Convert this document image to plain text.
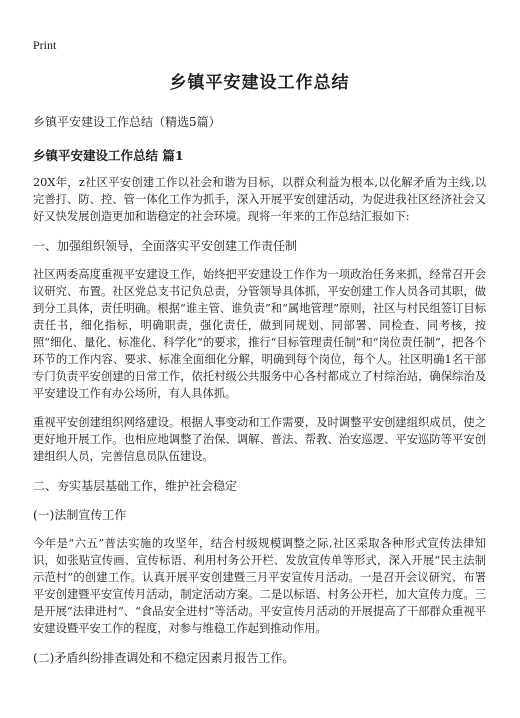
Print
乡镇平安建设工作总结
乡镇平安建设工作总结（精选5篇）
乡镇平安建设工作总结 篇1

20X年，z社区平安创建工作以社会和谐为目标，以群众利益为根本,以化解矛盾为主线,以完善打、防、控、管一体化工作为抓手，深入开展平安创建活动，为促进我社区经济社会又好又快发展创造更加和谐稳定的社会环境。现将一年来的工作总结汇报如下:

一、加强组织领导，全面落实平安创建工作责任制

社区两委高度重视平安建设工作，始终把平安建设工作作为一项政治任务来抓，经常召开会议研究、布置。社区党总支书记负总责，分管领导具体抓，平安创建工作人员各司其职，做到分工具体，责任明确。根据“谁主管、谁负责”和“属地管理”原则，社区与村民组签订目标责任书，细化指标，明确职责，强化责任，做到同规划、同部署、同检查、同考核，按照“细化、量化、标准化、科学化”的要求，推行“目标管理责任制”和“岗位责任制”，把各个环节的工作内容、要求、标准全面细化分解，明确到每个岗位，每个人。社区明确1名干部专门负责平安创建的日常工作，依托村级公共服务中心各村都成立了村综治站，确保综治及平安建设工作有办公场所，有人具体抓。

重视平安创建组织网络建设。根据人事变动和工作需要，及时调整平安创建组织成员，使之更好地开展工作。也相应地调整了治保、调解、普法、帮教、治安巡逻、平安巡防等平安创建组织人员，完善信息员队伍建设。

二、夯实基层基础工作，维护社会稳定
(一)法制宣传工作

今年是“六五”普法实施的攻坚年，结合村级规模调整之际,社区采取各种形式宣传法律知识，如张贴宣传画、宣传标语、利用村务公开栏、发放宣传单等形式，深入开展“民主法制示范村”的创建工作。认真开展平安创建暨三月平安宣传月活动。一是召开会议研究、布署平安创建暨平安宣传月活动，制定活动方案。二是以标语、村务公开栏，加大宣传力度。三是开展“法律进村”、“食品安全进村”等活动。平安宣传月活动的开展提高了干部群众重视平安建设暨平安工作的程度，对参与维稳工作起到推动作用。

(二)矛盾纠纷排查调处和不稳定因素月报告工作。
